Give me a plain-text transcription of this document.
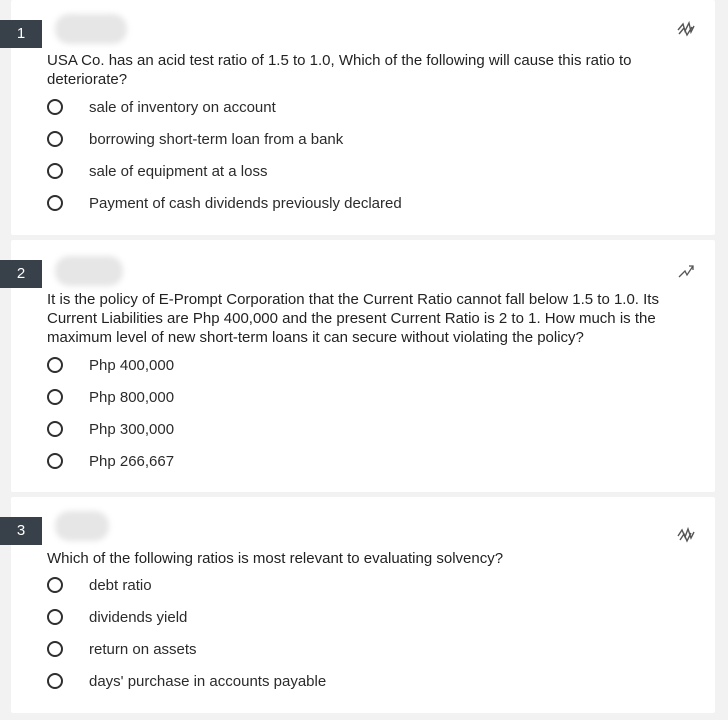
1
USA Co. has an acid test ratio of 1.5 to 1.0, Which of the following will cause this ratio to deteriorate?
sale of inventory on account
borrowing short-term loan from a bank
sale of equipment at a loss
Payment of cash dividends previously declared
2
It is the policy of E-Prompt Corporation that the Current Ratio cannot fall below 1.5 to 1.0. Its Current Liabilities are Php 400,000 and the present Current Ratio is 2 to 1. How much is the maximum level of new short-term loans it can secure without violating the policy?
Php 400,000
Php 800,000
Php 300,000
Php 266,667
3
Which of the following ratios is most relevant to evaluating solvency?
debt ratio
dividends yield
return on assets
days' purchase in accounts payable
